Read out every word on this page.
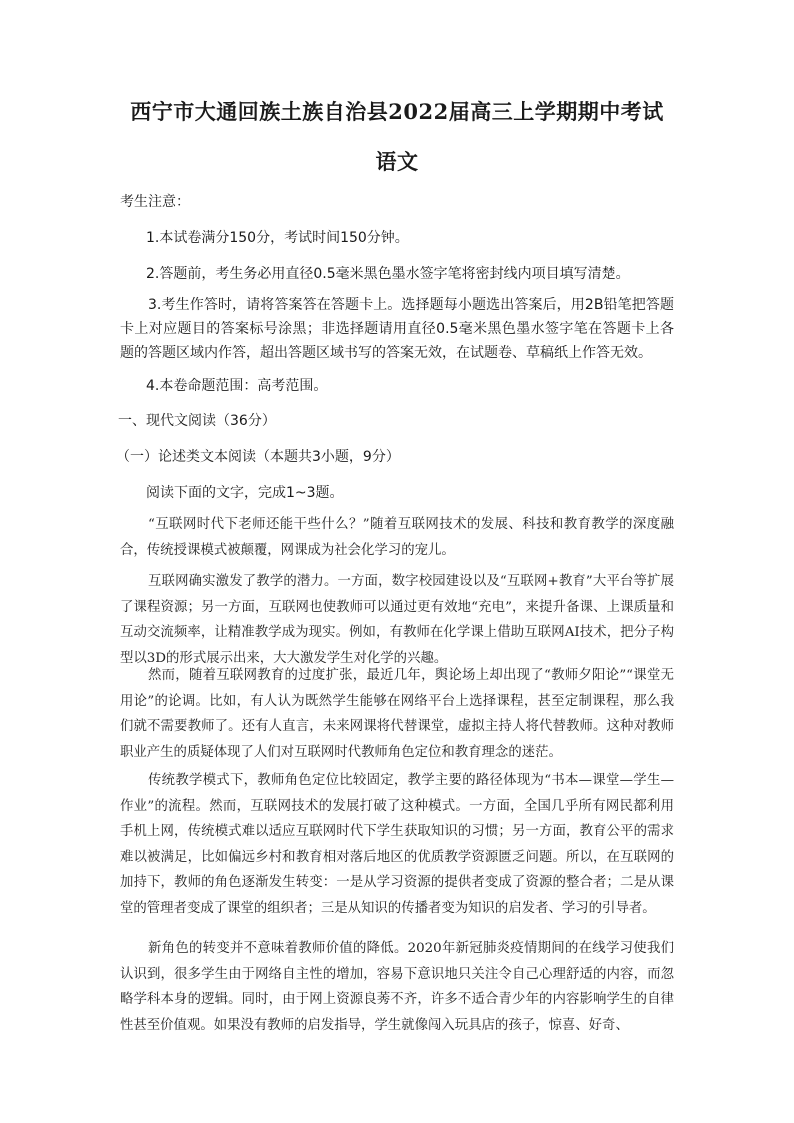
西宁市大通回族土族自治县2022届高三上学期期中考试
语文
考生注意：
1.本试卷满分150分，考试时间150分钟。
2.答题前，考生务必用直径0.5毫米黑色墨水签字笔将密封线内项目填写清楚。
3.考生作答时，请将答案答在答题卡上。选择题每小题选出答案后，用2B铅笔把答题卡上对应题目的答案标号涂黑；非选择题请用直径0.5毫米黑色墨水签字笔在答题卡上各题的答题区域内作答，超出答题区域书写的答案无效，在试题卷、草稿纸上作答无效。
4.本卷命题范围：高考范围。
一、现代文阅读（36分）
（一）论述类文本阅读（本题共3小题，9分）
阅读下面的文字，完成1~3题。
“互联网时代下老师还能干些什么？”随着互联网技术的发展、科技和教育教学的深度融合，传统授课模式被颠覆，网课成为社会化学习的宠儿。
互联网确实激发了教学的潜力。一方面，数字校园建设以及“互联网+教育”大平台等扩展了课程资源；另一方面，互联网也使教师可以通过更有效地“充电”，来提升备课、上课质量和互动交流频率，让精准教学成为现实。例如，有教师在化学课上借助互联网AI技术，把分子构型以3D的形式展示出来，大大激发学生对化学的兴趣。
然而，随着互联网教育的过度扩张，最近几年，舆论场上却出现了“教师夕阳论”“课堂无用论”的论调。比如，有人认为既然学生能够在网络平台上选择课程，甚至定制课程，那么我们就不需要教师了。还有人直言，未来网课将代替课堂，虚拟主持人将代替教师。这种对教师职业产生的质疑体现了人们对互联网时代教师角色定位和教育理念的迷茫。
传统教学模式下，教师角色定位比较固定，教学主要的路径体现为“书本—课堂—学生—作业”的流程。然而，互联网技术的发展打破了这种模式。一方面，全国几乎所有网民都利用手机上网，传统模式难以适应互联网时代下学生获取知识的习惯；另一方面，教育公平的需求难以被满足，比如偏远乡村和教育相对落后地区的优质教学资源匮乏问题。所以，在互联网的加持下，教师的角色逐渐发生转变：一是从学习资源的提供者变成了资源的整合者；二是从课堂的管理者变成了课堂的组织者；三是从知识的传播者变为知识的启发者、学习的引导者。
新角色的转变并不意味着教师价值的降低。2020年新冠肺炎疫情期间的在线学习使我们认识到，很多学生由于网络自主性的增加，容易下意识地只关注令自己心理舒适的内容，而忽略学科本身的逻辑。同时，由于网上资源良莠不齐，许多不适合青少年的内容影响学生的自律性甚至价值观。如果没有教师的启发指导，学生就像闯入玩具店的孩子，惊喜、好奇、
